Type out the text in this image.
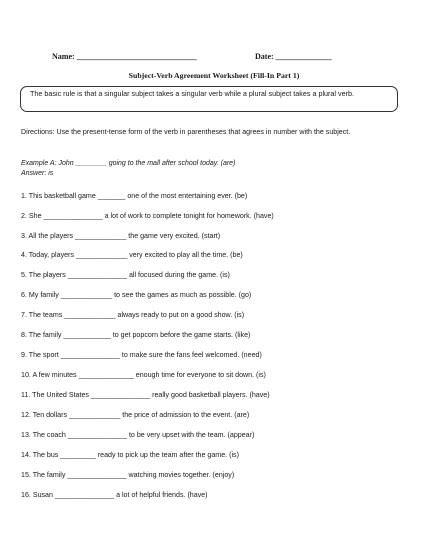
Name: ______________________________	Date: ______________
Subject-Verb Agreement Worksheet (Fill-In Part 1)
The basic rule is that a singular subject takes a singular verb while a plural subject takes a plural verb.
Directions: Use the present-tense form of the verb in parentheses that agrees in number with the subject.
Example A: John ________ going to the mall after school today. (are)
Answer: is
1. This basketball game _______ one of the most entertaining ever. (be)
2. She _______________ a lot of work to complete tonight for homework. (have)
3. All the players _____________ the game very excited. (start)
4. Today, players _____________ very excited to play all the time. (be)
5. The players _______________ all focused during the game. (is)
6. My family _____________ to see the games as much as possible. (go)
7. The teams _____________ always ready to put on a good show. (is)
8. The family ____________ to get popcorn before the game starts. (like)
9. The sport _______________ to make sure the fans feel welcomed. (need)
10. A few minutes ______________ enough time for everyone to sit down. (is)
11. The United States _______________ really good basketball players. (have)
12. Ten dollars _____________ the price of admission to the event. (are)
13. The coach _______________ to be very upset with the team. (appear)
14. The bus _________ ready to pick up the team after the game. (is)
15. The family _______________ watching movies together. (enjoy)
16. Susan _______________ a lot of helpful friends. (have)
